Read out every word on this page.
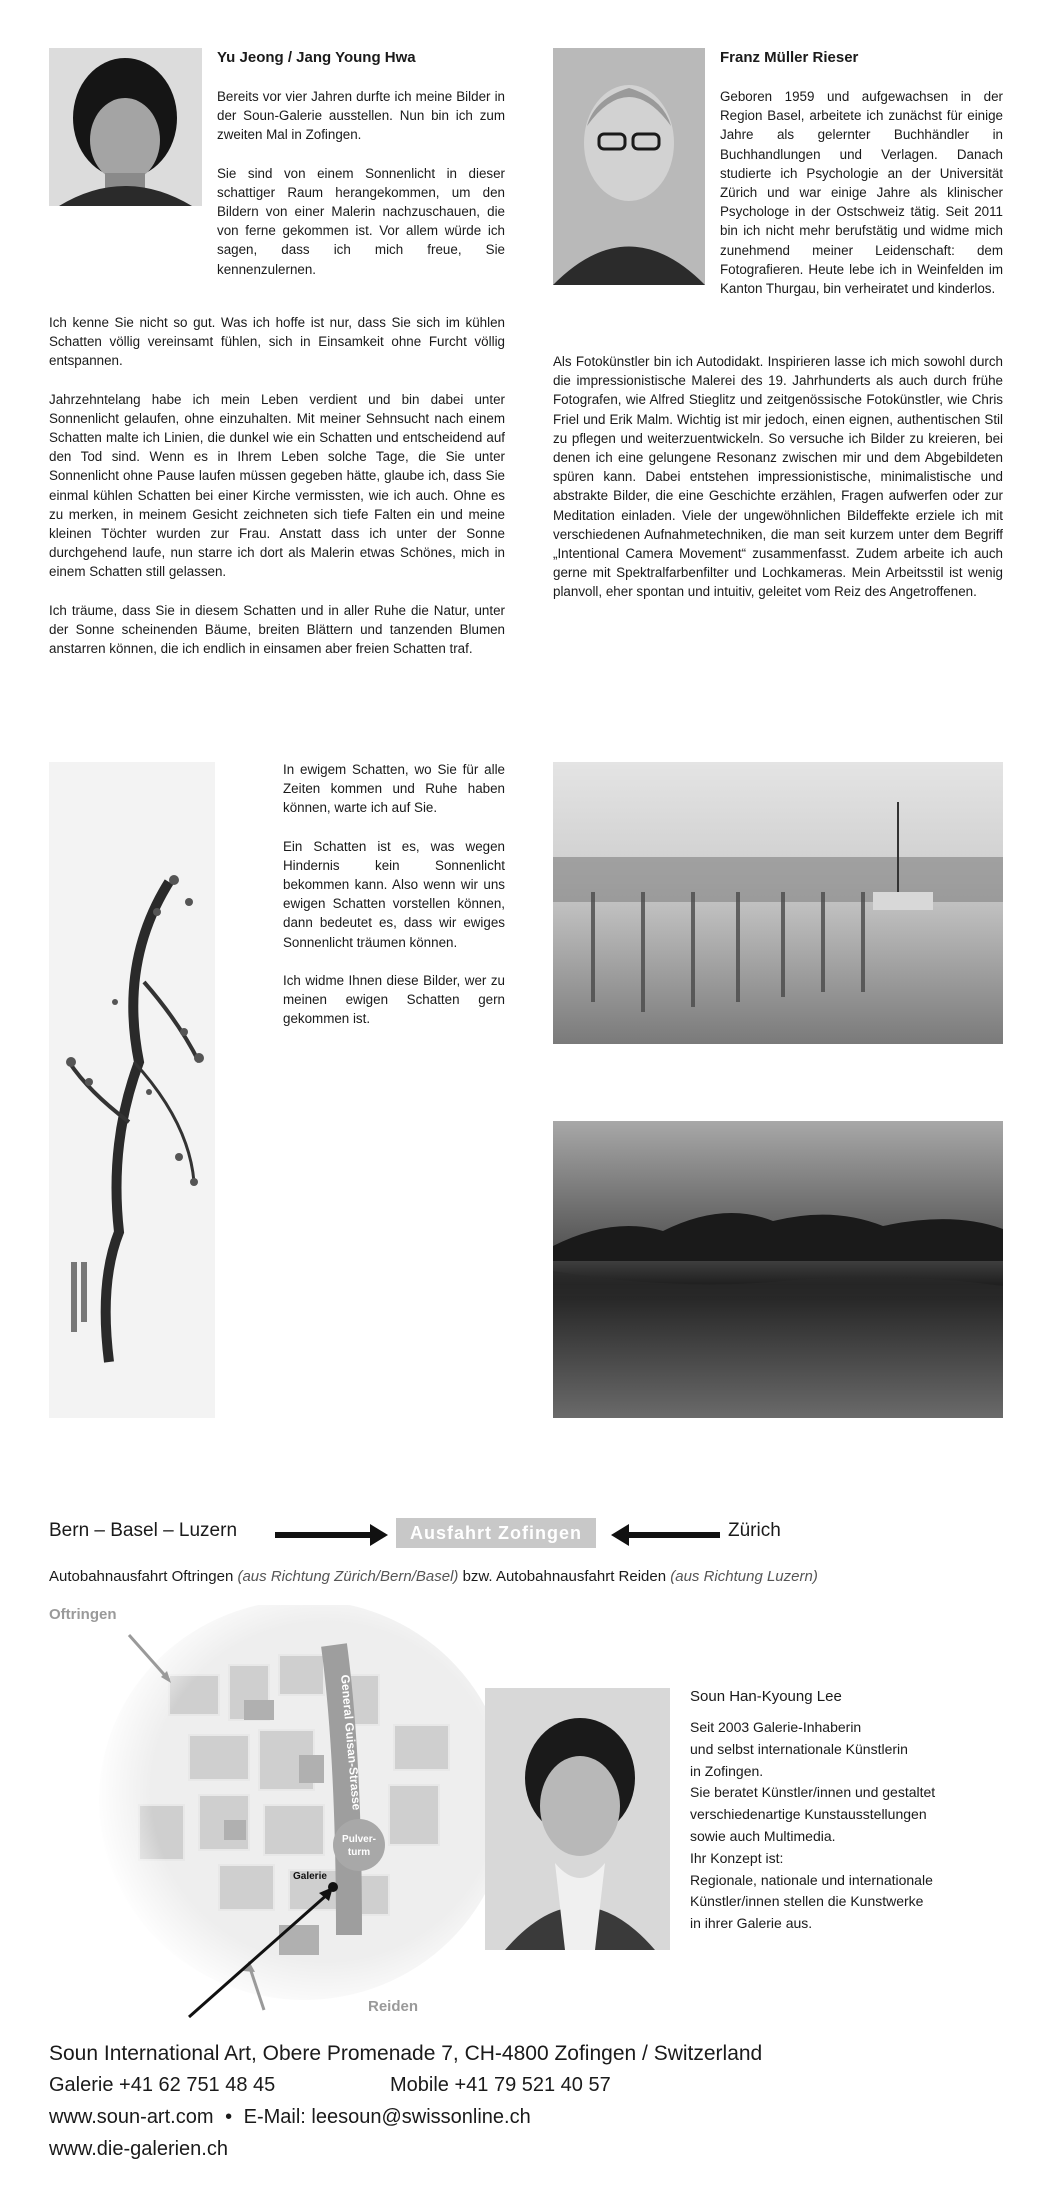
Yu Jeong / Jang Young Hwa

Bereits vor vier Jahren durfte ich meine Bilder in der Soun-Galerie ausstellen. Nun bin ich zum zweiten Mal in Zofingen.

Sie sind von einem Sonnenlicht in dieser schattiger Raum herangekommen, um den Bildern von einer Malerin nachzuschauen, die von ferne gekommen ist. Vor allem würde ich sagen, dass ich mich freue, Sie kennenzulernen.

Ich kenne Sie nicht so gut. Was ich hoffe ist nur, dass Sie sich im kühlen Schatten völlig vereinsamt fühlen, sich in Einsamkeit ohne Furcht völlig entspannen.

Jahrzehntelang habe ich mein Leben verdient und bin dabei unter Sonnenlicht gelaufen, ohne einzuhalten. Mit meiner Sehnsucht nach einem Schatten malte ich Linien, die dunkel wie ein Schatten und entscheidend auf den Tod sind. Wenn es in Ihrem Leben solche Tage, die Sie unter Sonnenlicht ohne Pause laufen müssen gegeben hätte, glaube ich, dass Sie einmal kühlen Schatten bei einer Kirche vermissten, wie ich auch. Ohne es zu merken, in meinem Gesicht zeichneten sich tiefe Falten ein und meine kleinen Töchter wurden zur Frau. Anstatt dass ich unter der Sonne durchgehend laufe, nun starre ich dort als Malerin etwas Schönes, mich in einem Schatten still gelassen.

Ich träume, dass Sie in diesem Schatten und in aller Ruhe die Natur, unter der Sonne scheinenden Bäume, breiten Blättern und tanzenden Blumen anstarren können, die ich endlich in einsamen aber freien Schatten traf.

Franz Müller Rieser

Geboren 1959 und aufgewachsen in der Region Basel, arbeitete ich zunächst für einige Jahre als gelernter Buchhändler in Buchhandlungen und Verlagen. Danach studierte ich Psychologie an der Universität Zürich und war einige Jahre als klinischer Psychologe in der Ostschweiz tätig. Seit 2011 bin ich nicht mehr berufstätig und widme mich zunehmend meiner Leidenschaft: dem Fotografieren. Heute lebe ich in Weinfelden im Kanton Thurgau, bin verheiratet und kinderlos.

Als Fotokünstler bin ich Autodidakt. Inspirieren lasse ich mich sowohl durch die impressionistische Malerei des 19. Jahrhunderts als auch durch frühe Fotografen, wie Alfred Stieglitz und zeitgenössische Fotokünstler, wie Chris Friel und Erik Malm. Wichtig ist mir jedoch, einen eignen, authentischen Stil zu pflegen und weiterzuentwickeln. So versuche ich Bilder zu kreieren, bei denen ich eine gelungene Resonanz zwischen mir und dem Abgebildeten spüren kann. Dabei entstehen impressionistische, minimalistische und abstrakte Bilder, die eine Geschichte erzählen, Fragen aufwerfen oder zur Meditation einladen. Viele der ungewöhnlichen Bildeffekte erziele ich mit verschiedenen Aufnahmetechniken, die man seit kurzem unter dem Begriff „Intentional Camera Movement“ zusammenfasst. Zudem arbeite ich auch gerne mit Spektralfarbenfilter und Lochkameras. Mein Arbeitsstil ist wenig planvoll, eher spontan und intuitiv, geleitet vom Reiz des Angetroffenen.

In ewigem Schatten, wo Sie für alle Zeiten kommen und Ruhe haben können, warte ich auf Sie.

Ein Schatten ist es, was wegen Hindernis kein Sonnenlicht bekommen kann. Also wenn wir uns ewigen Schatten vorstellen können, dann bedeutet es, dass wir ewiges Sonnenlicht träumen können.

Ich widme Ihnen diese Bilder, wer zu meinen ewigen Schatten gern gekommen ist.

Bern – Basel – Luzern	Ausfahrt Zofingen	Zürich
Autobahnausfahrt Oftringen (aus Richtung Zürich/Bern/Basel) bzw. Autobahnausfahrt Reiden (aus Richtung Luzern)
Pulver-
turm
Galerie
Oftringen
Reiden
Soun Han-Kyoung Lee
Seit 2003 Galerie-Inhaberin
und selbst internationale Künstlerin
in Zofingen.
Sie beratet Künstler/innen und gestaltet
verschiedenartige Kunstausstellungen
sowie auch Multimedia.
Ihr Konzept ist:
Regionale, nationale und internationale
Künstler/innen stellen die Kunstwerke
in ihrer Galerie aus.
Soun International Art, Obere Promenade 7, CH-4800 Zofingen / Switzerland
Galerie +41 62 751 48 45	Mobile +41 79 521 40 57
www.soun-art.com • E-Mail: leesoun@swissonline.ch
www.die-galerien.ch
